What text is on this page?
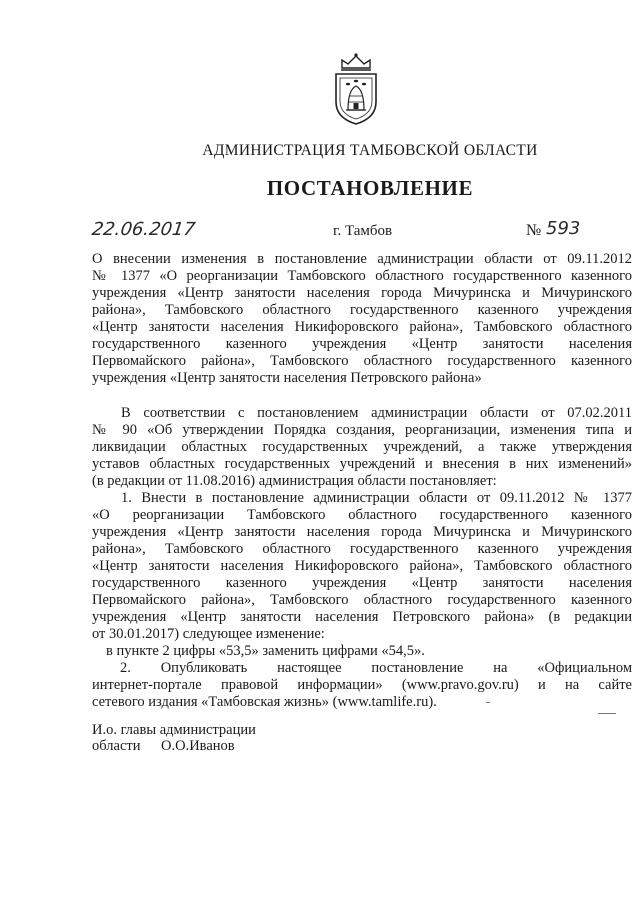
АДМИНИСТРАЦИЯ ТАМБОВСКОЙ ОБЛАСТИ
ПОСТАНОВЛЕНИЕ
22.06.2017	г. Тамбов	№ 593
О внесении изменения в постановление администрации области от 09.11.2012
№ 1377 «О реорганизации Тамбовского областного государственного казенного
учреждения «Центр занятости населения города Мичуринска и Мичуринского
района», Тамбовского областного государственного казенного учреждения
«Центр занятости населения Никифоровского района», Тамбовского областного
государственного казенного учреждения «Центр занятости населения
Первомайского района», Тамбовского областного государственного казенного
учреждения «Центр занятости населения Петровского района»
В соответствии с постановлением администрации области от 07.02.2011
№ 90 «Об утверждении Порядка создания, реорганизации, изменения типа и
ликвидации областных государственных учреждений, а также утверждения
уставов областных государственных учреждений и внесения в них изменений»
(в редакции от 11.08.2016) администрация области постановляет:
1. Внести в постановление администрации области от 09.11.2012 № 1377
«О реорганизации Тамбовского областного государственного казенного
учреждения «Центр занятости населения города Мичуринска и Мичуринского
района», Тамбовского областного государственного казенного учреждения
«Центр занятости населения Никифоровского района», Тамбовского областного
государственного казенного учреждения «Центр занятости населения
Первомайского района», Тамбовского областного государственного казенного
учреждения «Центр занятости населения Петровского района» (в редакции
от 30.01.2017) следующее изменение:
в пункте 2 цифры «53,5» заменить цифрами «54,5».
2. Опубликовать настоящее постановление на «Официальном
интернет-портале правовой информации» (www.pravo.gov.ru) и на сайте
сетевого издания «Тамбовская жизнь» (www.tamlife.ru).
И.о. главы администрации
области О.О.Иванов
